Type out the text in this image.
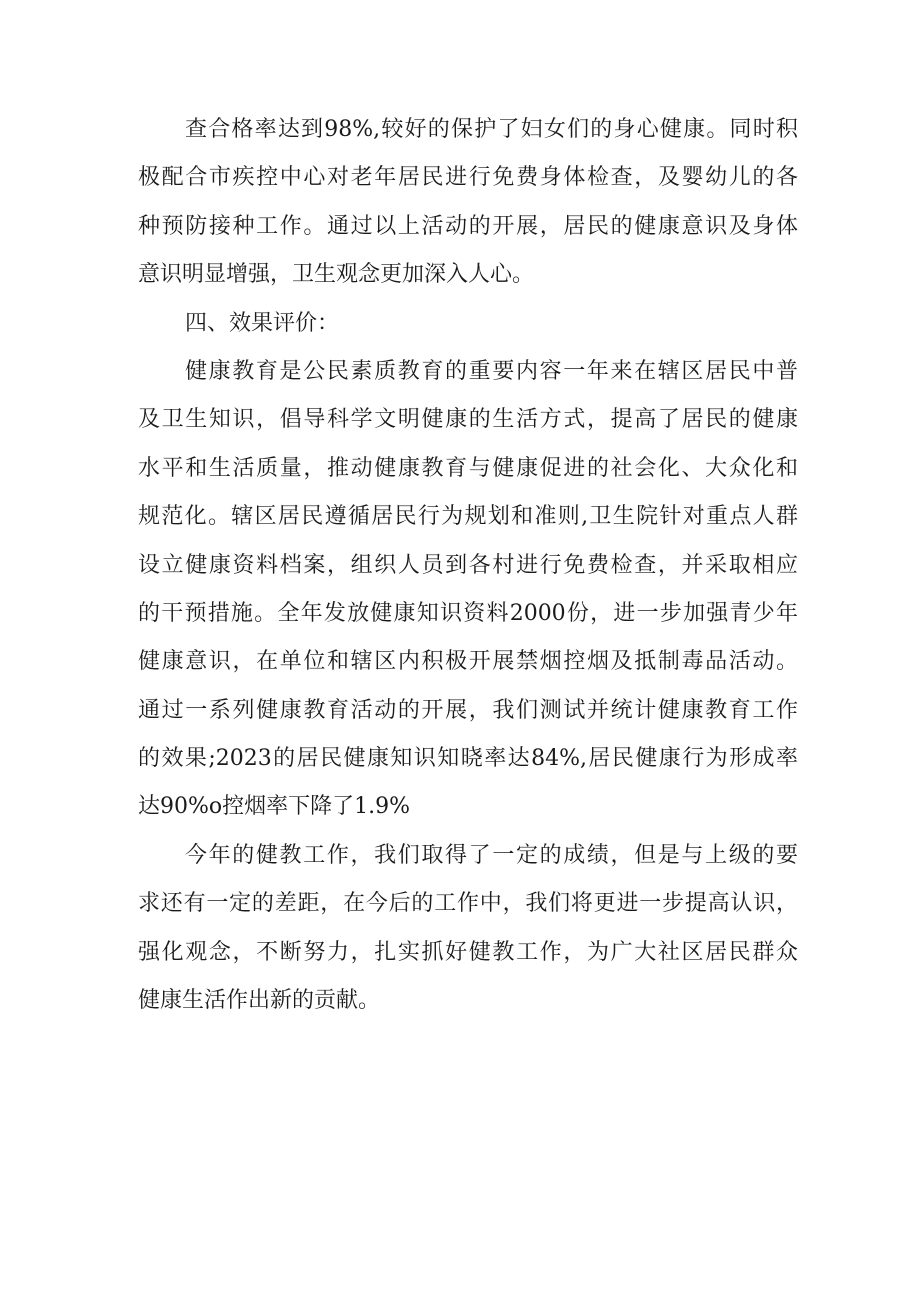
查合格率达到98%,较好的保护了妇女们的身心健康。同时积
极配合市疾控中心对老年居民进行免费身体检查，及婴幼儿的各
种预防接种工作。通过以上活动的开展，居民的健康意识及身体
意识明显增强，卫生观念更加深入人心。
四、效果评价：
健康教育是公民素质教育的重要内容一年来在辖区居民中普
及卫生知识，倡导科学文明健康的生活方式，提高了居民的健康
水平和生活质量，推动健康教育与健康促进的社会化、大众化和
规范化。辖区居民遵循居民行为规划和准则,卫生院针对重点人群
设立健康资料档案，组织人员到各村进行免费检查，并采取相应
的干预措施。全年发放健康知识资料2000份，进一步加强青少年
健康意识，在单位和辖区内积极开展禁烟控烟及抵制毒品活动。
通过一系列健康教育活动的开展，我们测试并统计健康教育工作
的效果;2023的居民健康知识知晓率达84%,居民健康行为形成率
达90%o控烟率下降了1.9%
今年的健教工作，我们取得了一定的成绩，但是与上级的要
求还有一定的差距，在今后的工作中，我们将更进一步提高认识，
强化观念，不断努力，扎实抓好健教工作，为广大社区居民群众
健康生活作出新的贡献。
